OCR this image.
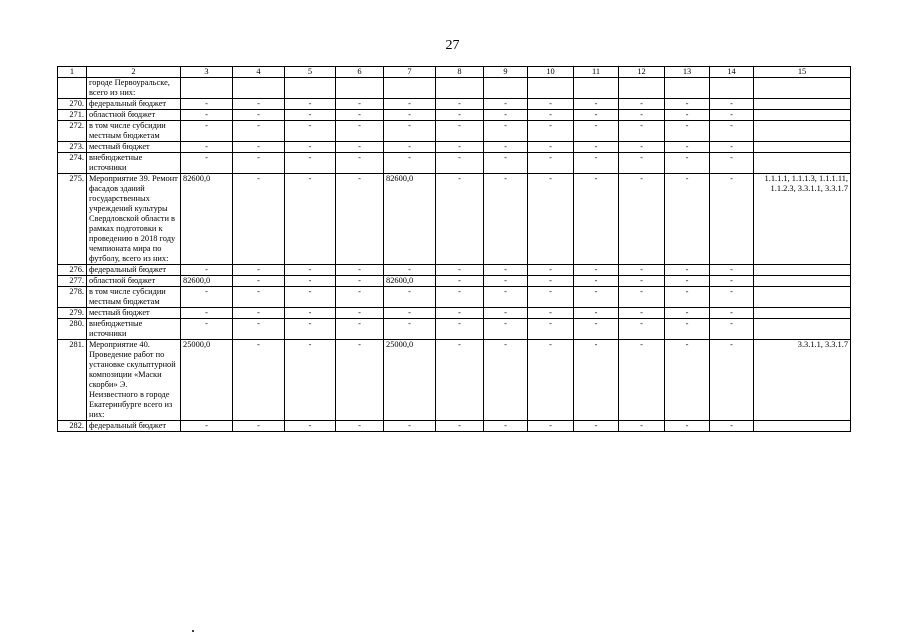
27
1	2	3	4	5	6	7	8	9	10	11	12	13	14	15
	городе Первоуральске, всего из них:													
270.	федеральный бюджет	-	-	-	-	-	-	-	-	-	-	-	-	
271.	областной бюджет	-	-	-	-	-	-	-	-	-	-	-	-	
272.	в том числе субсидии местным бюджетам	-	-	-	-	-	-	-	-	-	-	-	-	
273.	местный бюджет	-	-	-	-	-	-	-	-	-	-	-	-	
274.	внебюджетные источники	-	-	-	-	-	-	-	-	-	-	-	-	
275.	Мероприятие 39. Ремонт фасадов зданий государственных учреждений культуры Свердловской области в рамках подготовки к проведению в 2018 году чемпионата мира по футболу, всего из них:	82600,0	-	-	-	82600,0	-	-	-	-	-	-	-	1.1.1.1, 1.1.1.3, 1.1.1.11, 1.1.2.3, 3.3.1.1, 3.3.1.7
276.	федеральный бюджет	-	-	-	-	-	-	-	-	-	-	-	-	
277.	областной бюджет	82600,0	-	-	-	82600,0	-	-	-	-	-	-	-	
278.	в том числе субсидии местным бюджетам	-	-	-	-	-	-	-	-	-	-	-	-	
279.	местный бюджет	-	-	-	-	-	-	-	-	-	-	-	-	
280.	внебюджетные источники	-	-	-	-	-	-	-	-	-	-	-	-	
281.	Мероприятие 40. Проведение работ по установке скульптурной композиции «Маски скорби» Э. Неизвестного в городе Екатеринбурге всего из них:	25000,0	-	-	-	25000,0	-	-	-	-	-	-	-	3.3.1.1, 3.3.1.7
282.	федеральный бюджет	-	-	-	-	-	-	-	-	-	-	-	-	
